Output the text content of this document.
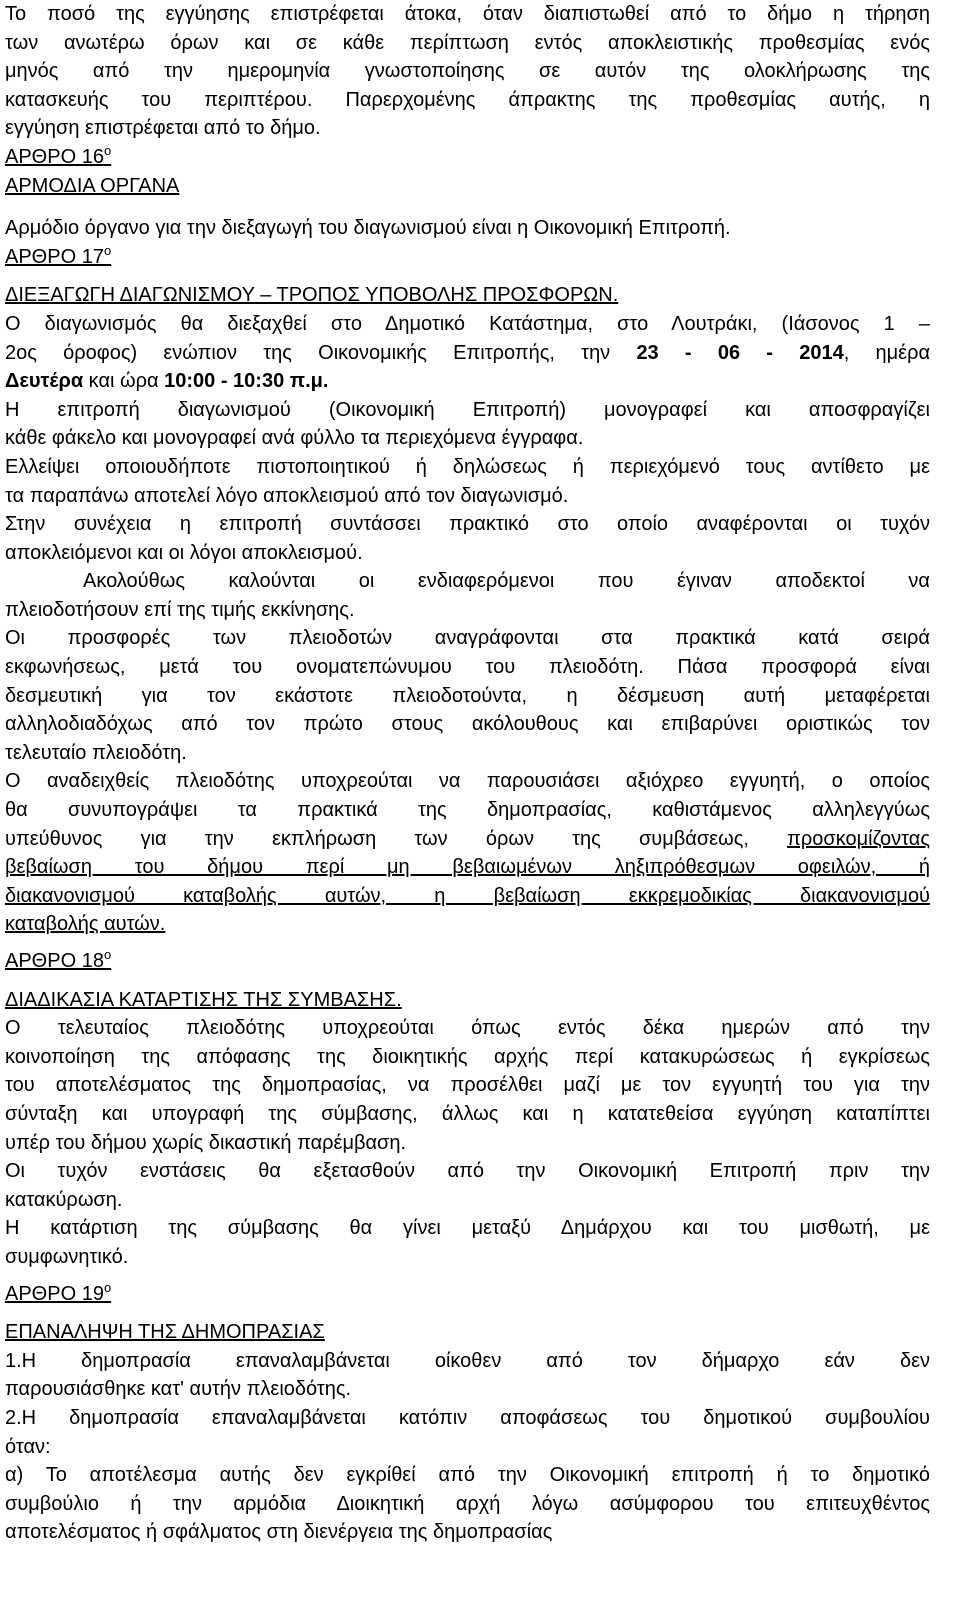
Το ποσό της εγγύησης επιστρέφεται άτοκα, όταν διαπιστωθεί από το δήμο η τήρηση

των ανωτέρω όρων και σε κάθε περίπτωση εντός αποκλειστικής προθεσμίας ενός

μηνός από την ημερομηνία γνωστοποίησης σε αυτόν της ολοκλήρωσης της

κατασκευής του περιπτέρου. Παρερχομένης άπρακτης της προθεσμίας αυτής, η

εγγύηση επιστρέφεται από το δήμο.

ΑΡΘΡΟ $16^o$

ΑΡΜΟΔΙΑ ΟΡΓΑΝΑ

Αρμόδιο όργανο για την διεξαγωγή του διαγωνισμού είναι η Οικονομική Επιτροπή.

ΑΡΘΡΟ $17^o$

ΔΙΕΞΑΓΩΓΗ ΔΙΑΓΩΝΙΣΜΟΥ – ΤΡΟΠΟΣ ΥΠΟΒΟΛΗΣ ΠΡΟΣΦΟΡΩΝ.

Ο διαγωνισμός θα διεξαχθεί στο Δημοτικό Κατάστημα, στο Λουτράκι, (Ιάσονος 1 –

2ος όροφος) ενώπιον της Οικονομικής Επιτροπής, την 23 - 06 - 2014, ημέρα

Δευτέρα και ώρα 10:00 - 10:30 π.μ.

Η επιτροπή διαγωνισμού (Οικονομική Επιτροπή) μονογραφεί και αποσφραγίζει

κάθε φάκελο και μονογραφεί ανά φύλλο τα περιεχόμενα έγγραφα.

Ελλείψει οποιουδήποτε πιστοποιητικού ή δηλώσεως ή περιεχόμενό τους αντίθετο με

τα παραπάνω αποτελεί λόγο αποκλεισμού από τον διαγωνισμό.

Στην συνέχεια η επιτροπή συντάσσει πρακτικό στο οποίο αναφέρονται οι τυχόν

αποκλειόμενοι και οι λόγοι αποκλεισμού.

Ακολούθως καλούνται οι ενδιαφερόμενοι που έγιναν αποδεκτοί να

πλειοδοτήσουν επί της τιμής εκκίνησης.

Οι προσφορές των πλειοδοτών αναγράφονται στα πρακτικά κατά σειρά

εκφωνήσεως, μετά του ονοματεπώνυμου του πλειοδότη. Πάσα προσφορά είναι

δεσμευτική για τον εκάστοτε πλειοδοτούντα, η δέσμευση αυτή μεταφέρεται

αλληλοδιαδόχως από τον πρώτο στους ακόλουθους και επιβαρύνει οριστικώς τον

τελευταίο πλειοδότη.

Ο αναδειχθείς πλειοδότης υποχρεούται να παρουσιάσει αξιόχρεο εγγυητή, ο οποίος

θα συνυπογράψει τα πρακτικά της δημοπρασίας, καθιστάμενος αλληλεγγύως

υπεύθυνος για την εκπλήρωση των όρων της συμβάσεως, προσκομίζοντας

βεβαίωση του δήμου περί μη βεβαιωμένων ληξιπρόθεσμων οφειλών, ή

διακανονισμού καταβολής αυτών, η βεβαίωση εκκρεμοδικίας διακανονισμού

καταβολής αυτών.

ΑΡΘΡΟ $18^o$

ΔΙΑΔΙΚΑΣΙΑ ΚΑΤΑΡΤΙΣΗΣ ΤΗΣ ΣΥΜΒΑΣΗΣ.

Ο τελευταίος πλειοδότης υποχρεούται όπως εντός δέκα ημερών από την

κοινοποίηση της απόφασης της διοικητικής αρχής περί κατακυρώσεως ή εγκρίσεως

του αποτελέσματος της δημοπρασίας, να προσέλθει μαζί με τον εγγυητή του για την

σύνταξη και υπογραφή της σύμβασης, άλλως και η κατατεθείσα εγγύηση καταπίπτει

υπέρ του δήμου χωρίς δικαστική παρέμβαση.

Οι τυχόν ενστάσεις θα εξετασθούν από την Οικονομική Επιτροπή πριν την

κατακύρωση.

Η κατάρτιση της σύμβασης θα γίνει μεταξύ Δημάρχου και του μισθωτή, με

συμφωνητικό.

ΑΡΘΡΟ $19^o$

ΕΠΑΝΑΛΗΨΗ ΤΗΣ ΔΗΜΟΠΡΑΣΙΑΣ

1.Η δημοπρασία επαναλαμβάνεται οίκοθεν από τον δήμαρχο εάν δεν

παρουσιάσθηκε κατ' αυτήν πλειοδότης.

2.Η δημοπρασία επαναλαμβάνεται κατόπιν αποφάσεως του δημοτικού συμβουλίου

όταν:

α) Το αποτέλεσμα αυτής δεν εγκρίθεί από την Οικονομική επιτροπή ή το δημοτικό

συμβούλιο ή την αρμόδια Διοικητική αρχή λόγω ασύμφορου του επιτευχθέντος

αποτελέσματος ή σφάλματος στη διενέργεια της δημοπρασίας
